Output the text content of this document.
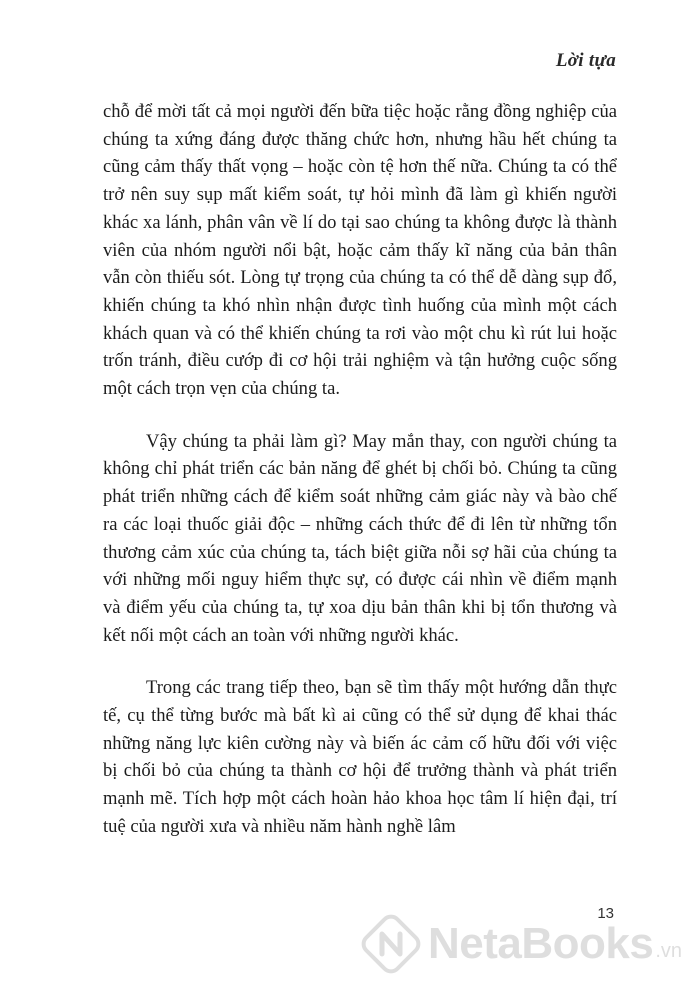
Lời tựa

chỗ để mời tất cả mọi người đến bữa tiệc hoặc rằng đồng nghiệp của chúng ta xứng đáng được thăng chức hơn, nhưng hầu hết chúng ta cũng cảm thấy thất vọng – hoặc còn tệ hơn thế nữa. Chúng ta có thể trở nên suy sụp mất kiểm soát, tự hỏi mình đã làm gì khiến người khác xa lánh, phân vân về lí do tại sao chúng ta không được là thành viên của nhóm người nổi bật, hoặc cảm thấy kĩ năng của bản thân vẫn còn thiếu sót. Lòng tự trọng của chúng ta có thể dễ dàng sụp đổ, khiến chúng ta khó nhìn nhận được tình huống của mình một cách khách quan và có thể khiến chúng ta rơi vào một chu kì rút lui hoặc trốn tránh, điều cướp đi cơ hội trải nghiệm và tận hưởng cuộc sống một cách trọn vẹn của chúng ta.

Vậy chúng ta phải làm gì? May mắn thay, con người chúng ta không chỉ phát triển các bản năng để ghét bị chối bỏ. Chúng ta cũng phát triển những cách để kiểm soát những cảm giác này và bào chế ra các loại thuốc giải độc – những cách thức để đi lên từ những tổn thương cảm xúc của chúng ta, tách biệt giữa nỗi sợ hãi của chúng ta với những mối nguy hiểm thực sự, có được cái nhìn về điểm mạnh và điểm yếu của chúng ta, tự xoa dịu bản thân khi bị tổn thương và kết nối một cách an toàn với những người khác.

Trong các trang tiếp theo, bạn sẽ tìm thấy một hướng dẫn thực tế, cụ thể từng bước mà bất kì ai cũng có thể sử dụng để khai thác những năng lực kiên cường này và biến ác cảm cố hữu đối với việc bị chối bỏ của chúng ta thành cơ hội để trưởng thành và phát triển mạnh mẽ. Tích hợp một cách hoàn hảo khoa học tâm lí hiện đại, trí tuệ của người xưa và nhiều năm hành nghề lâm

13
NetaBooks .vn
